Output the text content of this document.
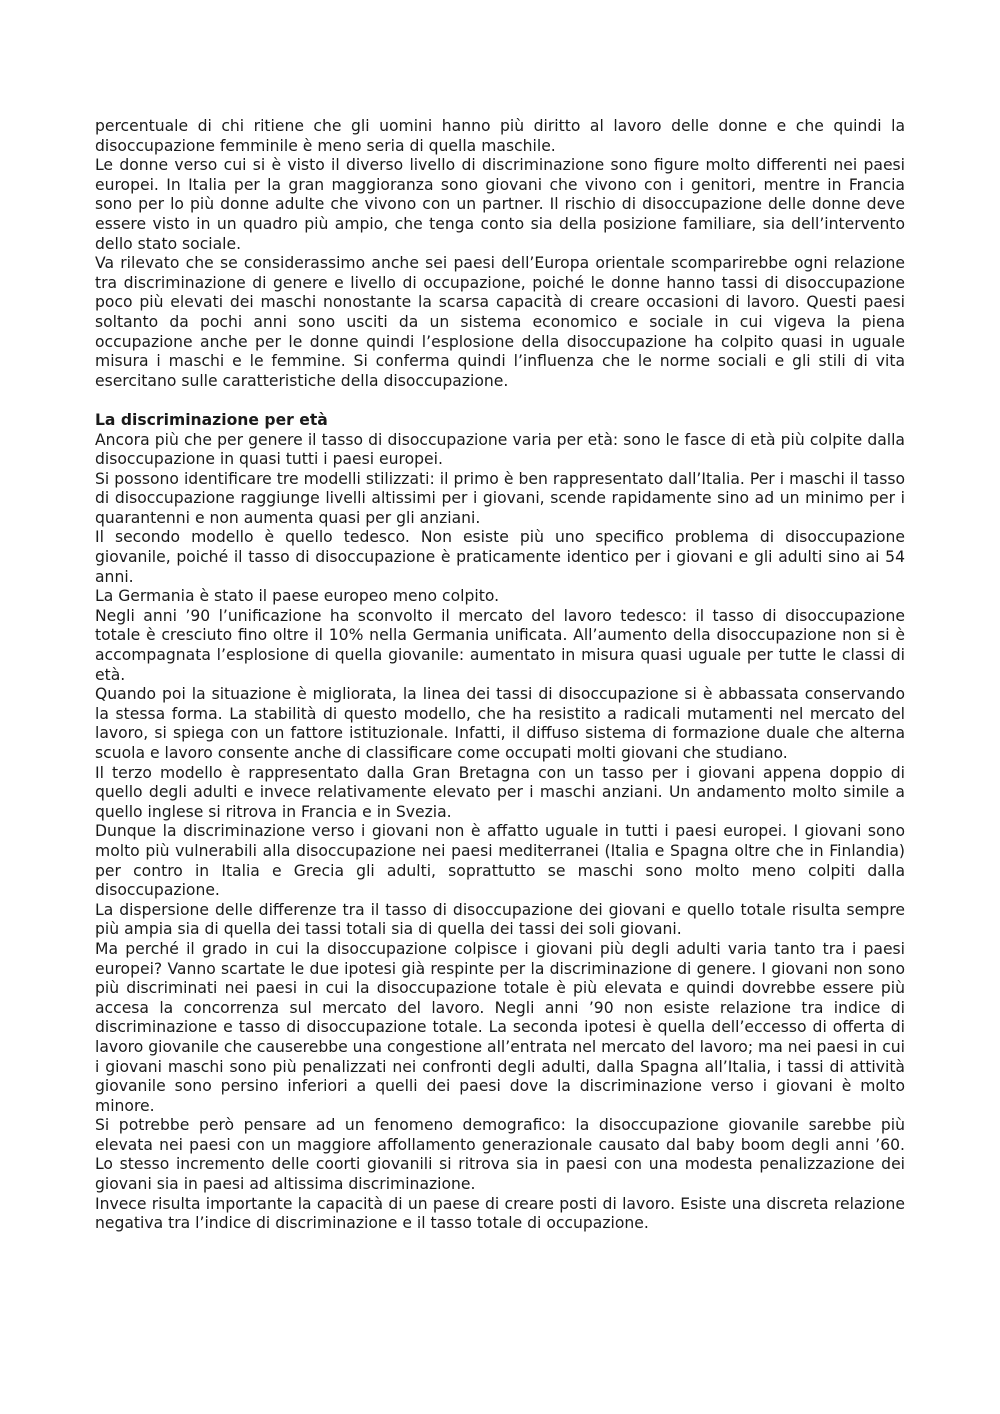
percentuale di chi ritiene che gli uomini hanno più diritto al lavoro delle donne e che quindi la disoccupazione femminile è meno seria di quella maschile.

Le donne verso cui si è visto il diverso livello di discriminazione sono figure molto differenti nei paesi europei. In Italia per la gran maggioranza sono giovani che vivono con i genitori, mentre in Francia sono per lo più donne adulte che vivono con un partner. Il rischio di disoccupazione delle donne deve essere visto in un quadro più ampio, che tenga conto sia della posizione familiare, sia dell’intervento dello stato sociale.

Va rilevato che se considerassimo anche sei paesi dell’Europa orientale scomparirebbe ogni relazione tra discriminazione di genere e livello di occupazione, poiché le donne hanno tassi di disoccupazione poco più elevati dei maschi nonostante la scarsa capacità di creare occasioni di lavoro. Questi paesi soltanto da pochi anni sono usciti da un sistema economico e sociale in cui vigeva la piena occupazione anche per le donne quindi l’esplosione della disoccupazione ha colpito quasi in uguale misura i maschi e le femmine. Si conferma quindi l’influenza che le norme sociali e gli stili di vita esercitano sulle caratteristiche della disoccupazione.

La discriminazione per età

Ancora più che per genere il tasso di disoccupazione varia per età: sono le fasce di età più colpite dalla disoccupazione in quasi tutti i paesi europei.

Si possono identificare tre modelli stilizzati: il primo è ben rappresentato dall’Italia. Per i maschi il tasso di disoccupazione raggiunge livelli altissimi per i giovani, scende rapidamente sino ad un minimo per i quarantenni e non aumenta quasi per gli anziani.

Il secondo modello è quello tedesco. Non esiste più uno specifico problema di disoccupazione giovanile, poiché il tasso di disoccupazione è praticamente identico per i giovani e gli adulti sino ai 54 anni.

La Germania è stato il paese europeo meno colpito.

Negli anni ’90 l’unificazione ha sconvolto il mercato del lavoro tedesco: il tasso di disoccupazione totale è cresciuto fino oltre il 10% nella Germania unificata. All’aumento della disoccupazione non si è accompagnata l’esplosione di quella giovanile: aumentato in misura quasi uguale per tutte le classi di età.

Quando poi la situazione è migliorata, la linea dei tassi di disoccupazione si è abbassata conservando la stessa forma. La stabilità di questo modello, che ha resistito a radicali mutamenti nel mercato del lavoro, si spiega con un fattore istituzionale. Infatti, il diffuso sistema di formazione duale che alterna scuola e lavoro consente anche di classificare come occupati molti giovani che studiano.

Il terzo modello è rappresentato dalla Gran Bretagna con un tasso per i giovani appena doppio di quello degli adulti e invece relativamente elevato per i maschi anziani. Un andamento molto simile a quello inglese si ritrova in Francia e in Svezia.

Dunque la discriminazione verso i giovani non è affatto uguale in tutti i paesi europei. I giovani sono molto più vulnerabili alla disoccupazione nei paesi mediterranei (Italia e Spagna oltre che in Finlandia) per contro in Italia e Grecia gli adulti, soprattutto se maschi sono molto meno colpiti dalla disoccupazione.

La dispersione delle differenze tra il tasso di disoccupazione dei giovani e quello totale risulta sempre più ampia sia di quella dei tassi totali sia di quella dei tassi dei soli giovani.

Ma perché il grado in cui la disoccupazione colpisce i giovani più degli adulti varia tanto tra i paesi europei? Vanno scartate le due ipotesi già respinte per la discriminazione di genere. I giovani non sono più discriminati nei paesi in cui la disoccupazione totale è più elevata e quindi dovrebbe essere più accesa la concorrenza sul mercato del lavoro. Negli anni ’90 non esiste relazione tra indice di discriminazione e tasso di disoccupazione totale. La seconda ipotesi è quella dell’eccesso di offerta di lavoro giovanile che causerebbe una congestione all’entrata nel mercato del lavoro; ma nei paesi in cui i giovani maschi sono più penalizzati nei confronti degli adulti, dalla Spagna all’Italia, i tassi di attività giovanile sono persino inferiori a quelli dei paesi dove la discriminazione verso i giovani è molto minore.

Si potrebbe però pensare ad un fenomeno demografico: la disoccupazione giovanile sarebbe più elevata nei paesi con un maggiore affollamento generazionale causato dal baby boom degli anni ’60. Lo stesso incremento delle coorti giovanili si ritrova sia in paesi con una modesta penalizzazione dei giovani sia in paesi ad altissima discriminazione.

Invece risulta importante la capacità di un paese di creare posti di lavoro. Esiste una discreta relazione negativa tra l’indice di discriminazione e il tasso totale di occupazione.
